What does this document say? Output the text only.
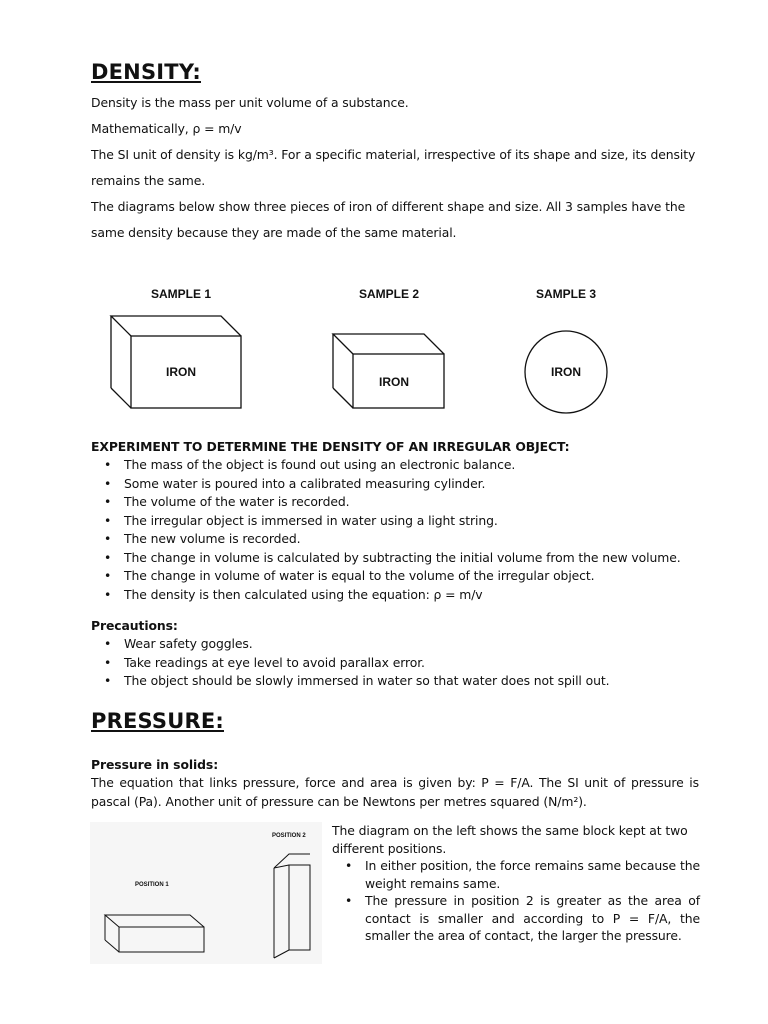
DENSITY:
Density is the mass per unit volume of a substance.
Mathematically, ρ = m/v
The SI unit of density is kg/m³. For a specific material, irrespective of its shape and size, its density
remains the same.
The diagrams below show three pieces of iron of different shape and size. All 3 samples have the
same density because they are made of the same material.
SAMPLE 1	SAMPLE 2	SAMPLE 3
IRON
IRON
IRON
EXPERIMENT TO DETERMINE THE DENSITY OF AN IRREGULAR OBJECT:
• The mass of the object is found out using an electronic balance.
• Some water is poured into a calibrated measuring cylinder.
• The volume of the water is recorded.
• The irregular object is immersed in water using a light string.
• The new volume is recorded.
• The change in volume is calculated by subtracting the initial volume from the new volume.
• The change in volume of water is equal to the volume of the irregular object.
• The density is then calculated using the equation: ρ = m/v
Precautions:
• Wear safety goggles.
• Take readings at eye level to avoid parallax error.
• The object should be slowly immersed in water so that water does not spill out.
PRESSURE:
Pressure in solids:
The equation that links pressure, force and area is given by: P = F/A. The SI unit of pressure is
pascal (Pa). Another unit of pressure can be Newtons per metres squared (N/m²).
POSITION 2
POSITION 1
The diagram on the left shows the same block kept at two different positions.
• In either position, the force remains same because the weight remains same.
• The pressure in position 2 is greater as the area of contact is smaller and according to P = F/A, the smaller the area of contact, the larger the pressure.
